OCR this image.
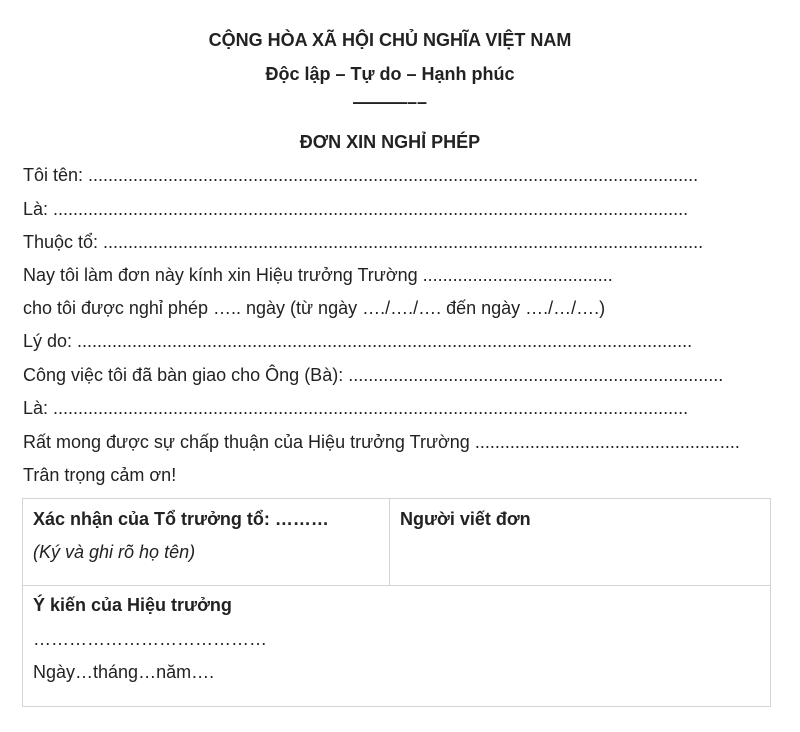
CỘNG HÒA XÃ HỘI CHỦ NGHĨA VIỆT NAM
Độc lập – Tự do – Hạnh phúc
———––
ĐƠN XIN NGHỈ PHÉP
Tôi tên: ..........................................................................................................................
Là: ...............................................................................................................................
Thuộc tổ: ........................................................................................................................
Nay tôi làm đơn này kính xin Hiệu trưởng Trường ......................................
cho tôi được nghỉ phép ….. ngày (từ ngày …./…./…. đến ngày …./…/….)
Lý do: ...........................................................................................................................
Công việc tôi đã bàn giao cho Ông (Bà): ...........................................................................
Là: ...............................................................................................................................
Rất mong được sự chấp thuận của Hiệu trưởng Trường .....................................................
Trân trọng cảm ơn!
Xác nhận của Tổ trưởng tổ: ………
(Ký và ghi rõ họ tên)

Người viết đơn

Ý kiến của Hiệu trưởng
…………………………………
Ngày…tháng…năm….
